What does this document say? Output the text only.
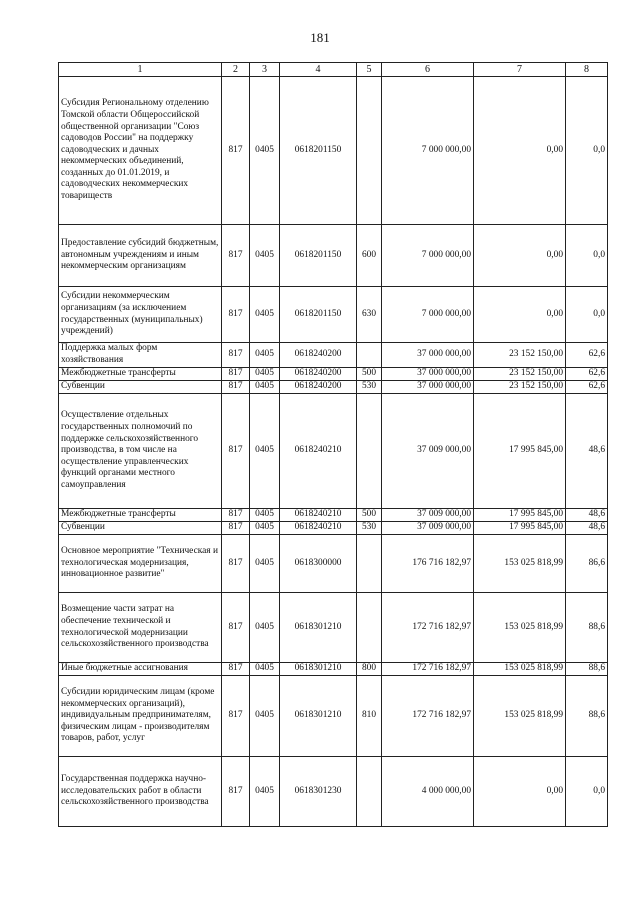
181
1	2	3	4	5	6	7	8
Субсидия Региональному отделению Томской области Общероссийской общественной организации "Союз садоводов России" на поддержку садоводческих и дачных некоммерческих объединений, созданных до 01.01.2019, и садоводческих некоммерческих товариществ	817	0405	0618201150		7 000 000,00	0,00	0,0
Предоставление субсидий бюджетным, автономным учреждениям и иным некоммерческим организациям	817	0405	0618201150	600	7 000 000,00	0,00	0,0
Субсидии некоммерческим организациям (за исключением государственных (муниципальных) учреждений)	817	0405	0618201150	630	7 000 000,00	0,00	0,0
Поддержка малых форм хозяйствования	817	0405	0618240200		37 000 000,00	23 152 150,00	62,6
Межбюджетные трансферты	817	0405	0618240200	500	37 000 000,00	23 152 150,00	62,6
Субвенции	817	0405	0618240200	530	37 000 000,00	23 152 150,00	62,6
Осуществление отдельных государственных полномочий по поддержке сельскохозяйственного производства, в том числе на осуществление управленческих функций органами местного самоуправления	817	0405	0618240210		37 009 000,00	17 995 845,00	48,6
Межбюджетные трансферты	817	0405	0618240210	500	37 009 000,00	17 995 845,00	48,6
Субвенции	817	0405	0618240210	530	37 009 000,00	17 995 845,00	48,6
Основное мероприятие "Техническая и технологическая модернизация, инновационное развитие"	817	0405	0618300000		176 716 182,97	153 025 818,99	86,6
Возмещение части затрат на обеспечение технической и технологической модернизации сельскохозяйственного производства	817	0405	0618301210		172 716 182,97	153 025 818,99	88,6
Иные бюджетные ассигнования	817	0405	0618301210	800	172 716 182,97	153 025 818,99	88,6
Субсидии юридическим лицам (кроме некоммерческих организаций), индивидуальным предпринимателям, физическим лицам - производителям товаров, работ, услуг	817	0405	0618301210	810	172 716 182,97	153 025 818,99	88,6
Государственная поддержка научно-исследовательских работ в области сельскохозяйственного производства	817	0405	0618301230		4 000 000,00	0,00	0,0
